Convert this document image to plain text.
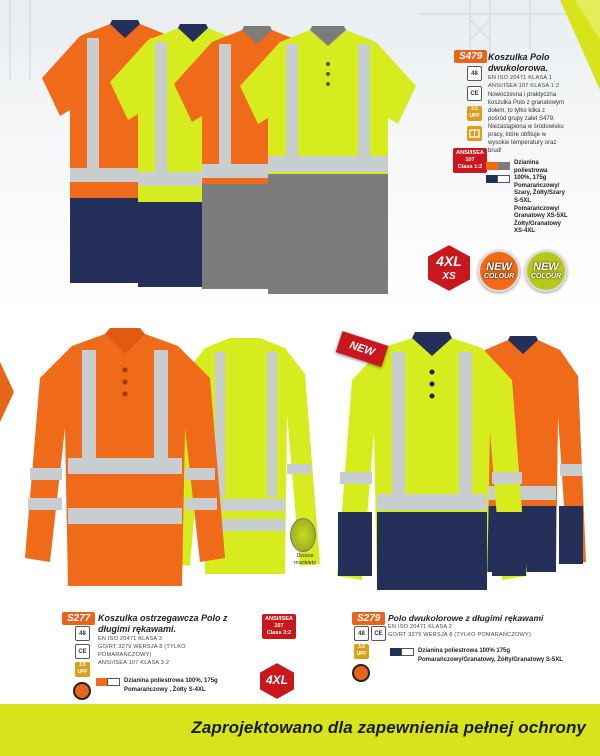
S479 Koszulka Polo
dwukolorowa.
EN ISO 20471 KLASA 1
ANSI/ISEA 107 KLASA 1:2
Nowoczesna i praktyczna
koszulka Polo z granatowym
dołem, to tylko kilka z
pośród grupy zalet S479.
Niezastąpiona w środowisku
pracy, które obfituje w
wysokie temperatury oraz
brud!
48
CE
3.5
UPF
ANSI/ISEA
107
Class 1:2
Dzianina
poliestrowa
100%, 175g
Pomarańczowy/
Szary, Żółty/Szary
S-5XL
Pomarańczowy/
Granatowy XS-5XL
Żółty/Granatowy
XS-4XL
4XL
XS
NEW
COLOUR
NEW
COLOUR
Dziane
mankiety
NEW
S277 Koszulka ostrzegawcza Polo z
długimi rękawami.
EN ISO 20471 KLASA 3
GO/RT 3279 WERSJA 8 (TYLKO
POMARAŃCZOWY)
ANSI/ISEA 107 KLASA 3:2
48
CE
3.5
UPF
ANSI/ISEA
107
Class 3:2
Dzianina poliestrowa 100%, 175g
Pomarańczowy , Żółty S-4XL
4XL
S279 Polo dwukolorowe z długimi rękawami
EN ISO 20471 KLASA 2
GO/RT 3279 WERSJA 8 (TYLKO POMARAŃCZOWY)
48	CE
3.5
UPF	Dzianina poliestrowa 100% 175g
Pomarańczowy/Granatowy, Żółty/Granatowy S-5XL
Zaprojektowano dla zapewnienia pełnej ochrony
